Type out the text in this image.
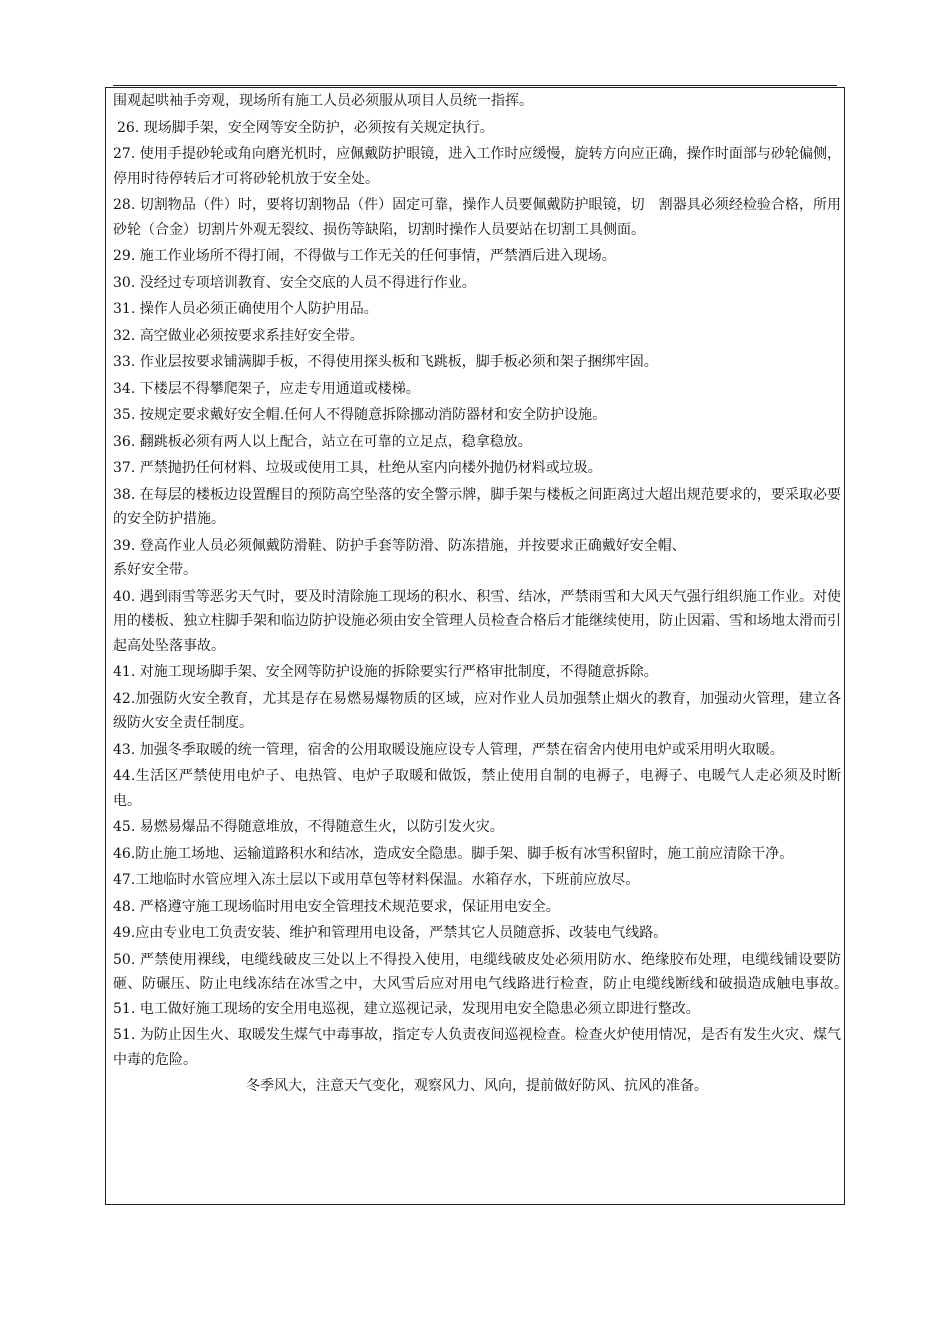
围观起哄袖手旁观，现场所有施工人员必须服从项目人员统一指挥。

26. 现场脚手架，安全网等安全防护，必须按有关规定执行。

27. 使用手提砂轮或角向磨光机时，应佩戴防护眼镜，进入工作时应缓慢，旋转方向应正确，操作时面部与砂轮偏侧，停用时待停转后才可将砂轮机放于安全处。

28. 切割物品（件）时，要将切割物品（件）固定可靠，操作人员要佩戴防护眼镜，切　割器具必须经检验合格，所用砂轮（合金）切割片外观无裂纹、损伤等缺陷，切割时操作人员要站在切割工具侧面。

29. 施工作业场所不得打闹，不得做与工作无关的任何事情，严禁酒后进入现场。

30. 没经过专项培训教育、安全交底的人员不得进行作业。

31. 操作人员必须正确使用个人防护用品。

32. 高空做业必须按要求系挂好安全带。

33. 作业层按要求铺满脚手板，不得使用探头板和飞跳板，脚手板必须和架子捆绑牢固。

34. 下楼层不得攀爬架子，应走专用通道或楼梯。

35. 按规定要求戴好安全帽.任何人不得随意拆除挪动消防器材和安全防护设施。

36. 翻跳板必须有两人以上配合，站立在可靠的立足点，稳拿稳放。

37. 严禁抛扔任何材料、垃圾或使用工具，杜绝从室内向楼外抛仍材料或垃圾。

38. 在每层的楼板边设置醒目的预防高空坠落的安全警示牌，脚手架与楼板之间距离过大超出规范要求的，要采取必要的安全防护措施。

39. 登高作业人员必须佩戴防滑鞋、防护手套等防滑、防冻措施，并按要求正确戴好安全帽、
系好安全带。

40. 遇到雨雪等恶劣天气时，要及时清除施工现场的积水、积雪、结冰，严禁雨雪和大风天气强行组织施工作业。对使用的楼板、独立柱脚手架和临边防护设施必须由安全管理人员检查合格后才能继续使用，防止因霜、雪和场地太滑而引起高处坠落事故。

41. 对施工现场脚手架、安全网等防护设施的拆除要实行严格审批制度，不得随意拆除。

42.加强防火安全教育，尤其是存在易燃易爆物质的区域，应对作业人员加强禁止烟火的教育，加强动火管理，建立各级防火安全责任制度。

43. 加强冬季取暖的统一管理，宿舍的公用取暖设施应设专人管理，严禁在宿舍内使用电炉或采用明火取暖。

44.生活区严禁使用电炉子、电热管、电炉子取暖和做饭，禁止使用自制的电褥子，电褥子、电暖气人走必须及时断电。

45. 易燃易爆品不得随意堆放，不得随意生火，以防引发火灾。

46.防止施工场地、运输道路积水和结冰，造成安全隐患。脚手架、脚手板有冰雪积留时，施工前应清除干净。

47.工地临时水管应埋入冻土层以下或用草包等材料保温。水箱存水，下班前应放尽。

48. 严格遵守施工现场临时用电安全管理技术规范要求，保证用电安全。

49.应由专业电工负责安装、维护和管理用电设备，严禁其它人员随意拆、改装电气线路。

50. 严禁使用裸线，电缆线破皮三处以上不得投入使用，电缆线破皮处必须用防水、绝缘胶布处理，电缆线铺设要防砸、防碾压、防止电线冻结在冰雪之中，大风雪后应对用电气线路进行检查，防止电缆线断线和破损造成触电事故。　 51. 电工做好施工现场的安全用电巡视，建立巡视记录，发现用电安全隐患必须立即进行整改。

51. 为防止因生火、取暖发生煤气中毒事故，指定专人负责夜间巡视检查。检查火炉使用情况，是否有发生火灾、煤气中毒的危险。

冬季风大，注意天气变化，观察风力、风向，提前做好防风、抗风的准备。
